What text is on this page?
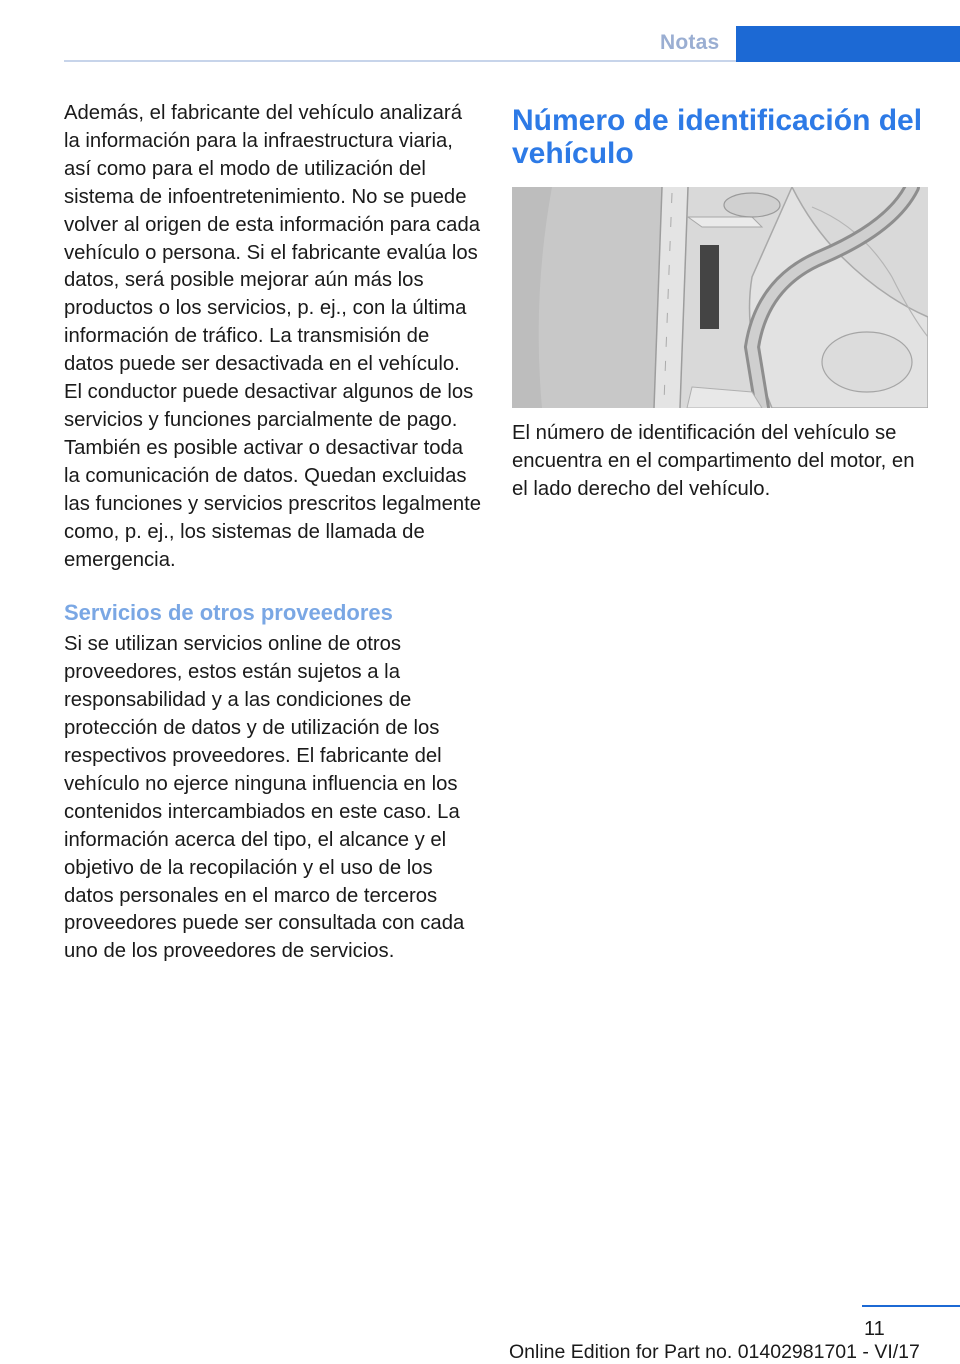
Notas

Además, el fabricante del vehículo analizará la información para la infraestructura viaria, así como para el modo de utilización del sistema de infoentretenimiento. No se puede volver al origen de esta información para cada vehículo o persona. Si el fabricante evalúa los datos, será posible mejorar aún más los productos o los servicios, p. ej., con la última información de tráfico. La transmisión de datos puede ser desactivada en el vehículo. El conductor puede desactivar algunos de los servicios y funciones parcialmente de pago. También es posible activar o desactivar toda la comunicación de datos. Quedan excluidas las funciones y servicios prescritos legalmente como, p. ej., los sistemas de llamada de emergencia.

Servicios de otros proveedores

Si se utilizan servicios online de otros proveedores, estos están sujetos a la responsabilidad y a las condiciones de protección de datos y de utilización de los respectivos proveedores. El fabricante del vehículo no ejerce ninguna influencia en los contenidos intercambiados en este caso. La información acerca del tipo, el alcance y el objetivo de la recopilación y el uso de los datos personales en el marco de terceros proveedores puede ser consultada con cada uno de los proveedores de servicios.

Número de identificación del vehículo

El número de identificación del vehículo se encuentra en el compartimento del motor, en el lado derecho del vehículo.

11
Online Edition for Part no. 01402981701 - VI/17
